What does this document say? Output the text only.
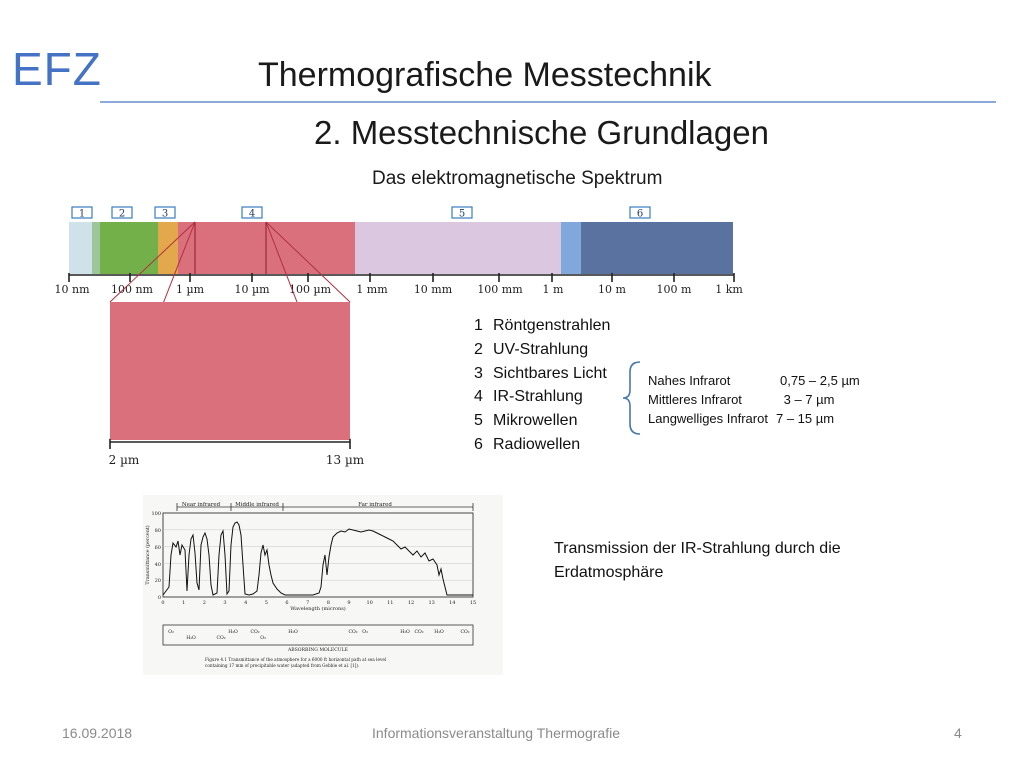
EFZ	Thermografische Messtechnik
2. Messtechnische Grundlagen
Das elektromagnetische Spektrum
1	2	3	4	5	6
10 nm 100 nm 1 µm	10 µm 100 µm 1 mm 10 mm 100 mm 1 m	10 m	100 m 1 km
2 µm	13 µm
1 Röntgenstrahlen
2 UV-Strahlung
3 Sichtbares Licht
4 IR-Strahlung
5 Mikrowellen
6 Radiowellen
Nahes Infrarot	0,75 – 2,5 µm
Mittleres Infrarot	3 – 7 µm
Langwelliges Infrarot 7 – 15 µm
Near infrared	Middle infrared	Far infrared
100
80
60
40
20
0
Transmittance (percent)
0	1	2	3	4	5	6	7	8	9	10	11	12	13	14	15
Wavelength (microns)
O₂
H₂O	CO₂
H₂O	CO₂
O₃
H₂O	CO₂ O₃	H₂O CO₂ H₂O	CO₂
ABSORBING MOLECULE
Figure 4.1 Transmittance of the atmosphere for a 6000 ft horizontal path at sea level
containing 17 mm of precipitable water (adapted from Gebbie et al. [1]).
Transmission der IR-Strahlung durch die Erdatmosphäre
16.09.2018	Informationsveranstaltung Thermografie	4
